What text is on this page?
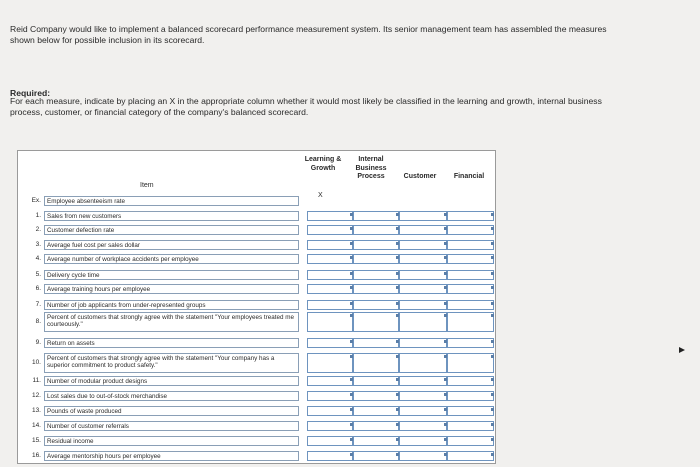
Reid Company would like to implement a balanced scorecard performance measurement system. Its senior management team has assembled the measures shown below for possible inclusion in its scorecard.
Required:
For each measure, indicate by placing an X in the appropriate column whether it would most likely be classified in the learning and growth, internal business process, customer, or financial category of the company's balanced scorecard.
Item
Learning & Growth
Internal Business Process	Customer	Financial
X
Ex. Employee absenteeism rate
1. Sales from new customers
2. Customer defection rate
3. Average fuel cost per sales dollar
4. Average number of workplace accidents per employee
5. Delivery cycle time
6. Average training hours per employee
7. Number of job applicants from under-represented groups
8.
Percent of customers that strongly agree with the statement "Your employees treated me courteously."
9. Return on assets
10.
Percent of customers that strongly agree with the statement "Your company has a superior commitment to product safety."
11. Number of modular product designs
12. Lost sales due to out-of-stock merchandise
13. Pounds of waste produced
14. Number of customer referrals
15. Residual income
16. Average mentorship hours per employee
